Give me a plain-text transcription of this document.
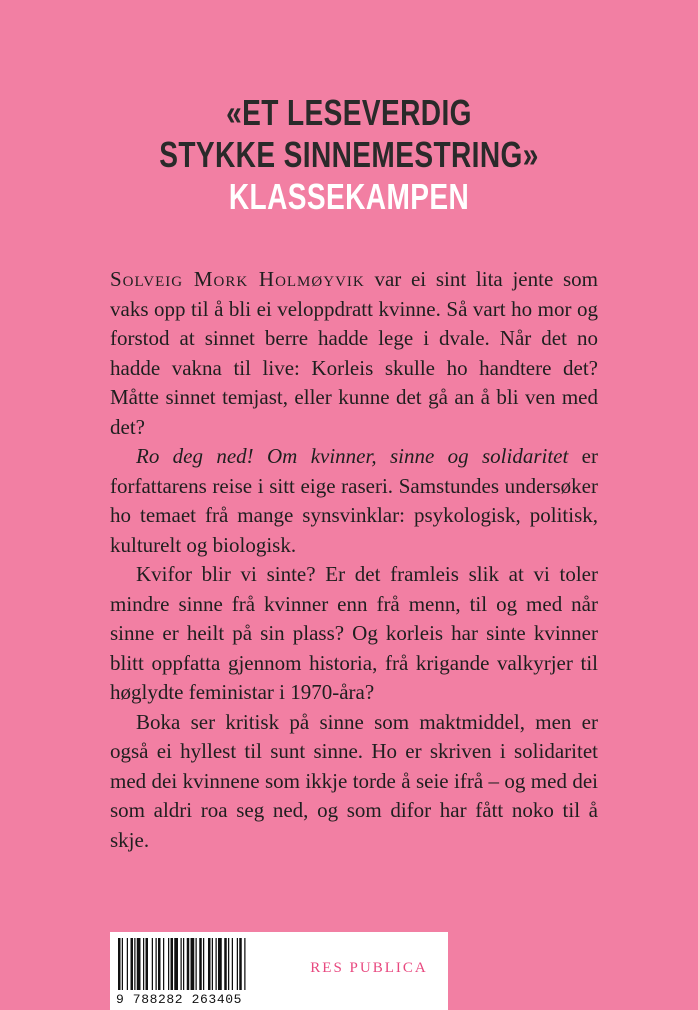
«ET LESEVERDIG
STYKKE SINNEMESTRING»
KLASSEKAMPEN

Solveig Mork Holmøyvik var ei sint lita jente som vaks opp til å bli ei veloppdratt kvinne. Så vart ho mor og forstod at sinnet berre hadde lege i dvale. Når det no hadde vakna til live: Korleis skulle ho handtere det? Måtte sinnet temjast, eller kunne det gå an å bli ven med det?

Ro deg ned! Om kvinner, sinne og solidaritet er forfattarens reise i sitt eige raseri. Samstundes undersøker ho temaet frå mange synsvinklar: psykologisk, politisk, kulturelt og biologisk.

Kvifor blir vi sinte? Er det framleis slik at vi toler mindre sinne frå kvinner enn frå menn, til og med når sinne er heilt på sin plass? Og korleis har sinte kvinner blitt oppfatta gjennom historia, frå krigande valkyrjer til høglydte feministar i 1970-åra?

Boka ser kritisk på sinne som maktmiddel, men er også ei hyllest til sunt sinne. Ho er skriven i solidaritet med dei kvinnene som ikkje torde å seie ifrå – og med dei som aldri roa seg ned, og som difor har fått noko til å skje.

9 788282 263405
RES PUBLICA
